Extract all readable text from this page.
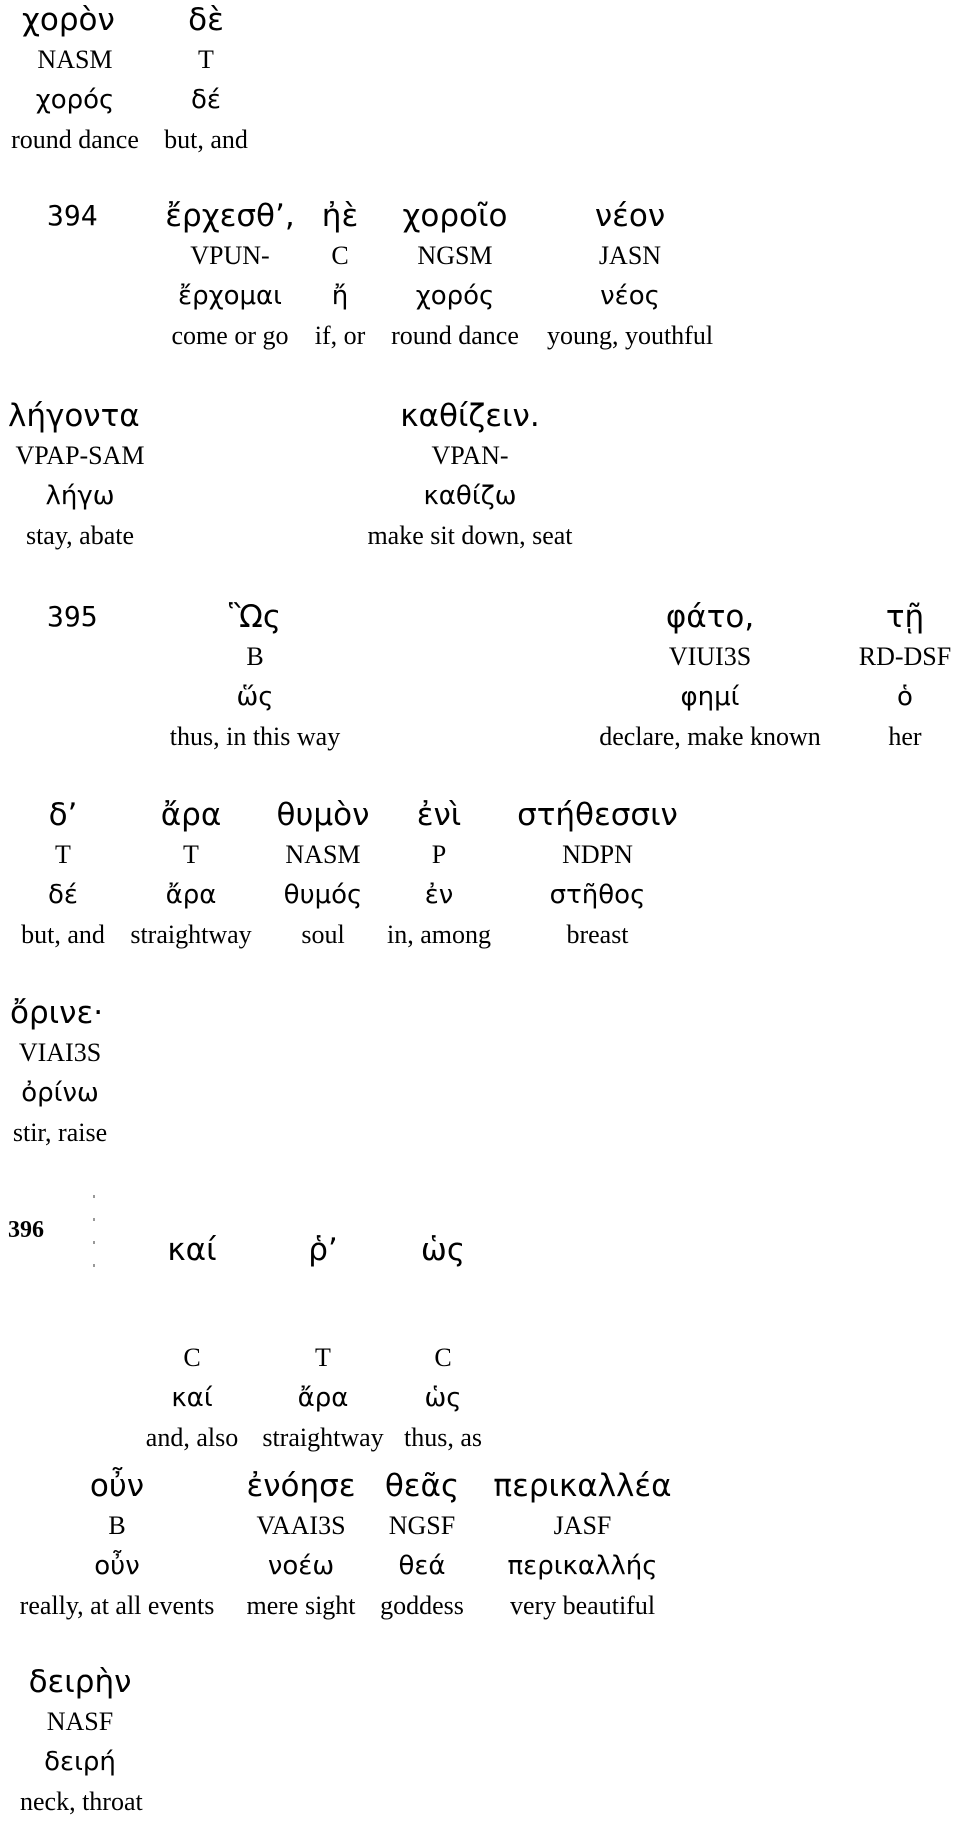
χορὸν
NASM
χορός
round dance
δὲ
T
δέ
but, and
394	ἔρχεσθ’,
VPUN-
ἔρχομαι
come or go
ἠὲ
C
ἤ
if, or
χοροῖο
NGSM
χορός
round dance
νέον
JASN
νέος
young, youthful
λήγοντα
VPAP-SAM
λήγω
stay, abate
καθίζειν.
VPAN-
καθίζω
make sit down, seat
395	Ὣς
B
ὥς
thus, in this way
φάτο,
VIUI3S
φημί
declare, make known
τῇ
RD-DSF
ὁ
her
δ’
T
δέ
but, and
ἄρα
T
ἄρα
straightway
θυμὸν
NASM
θυμός
soul
ἐνὶ
P
ἐν
in, among
στήθεσσιν
NDPN
στῆθος
breast
ὄρινε·
VIAI3S
ὀρίνω
stir, raise
396
καί
C
καί
and, also
ῥ’
T
ἄρα
straightway
ὡς
C
ὡς
thus, as
οὖν
B
οὖν
really, at all events
ἐνόησε
VAAI3S
νοέω
mere sight
θεᾶς
NGSF
θεά
goddess
περικαλλέα
JASF
περικαλλής
very beautiful
δειρὴν
NASF
δειρή
neck, throat
